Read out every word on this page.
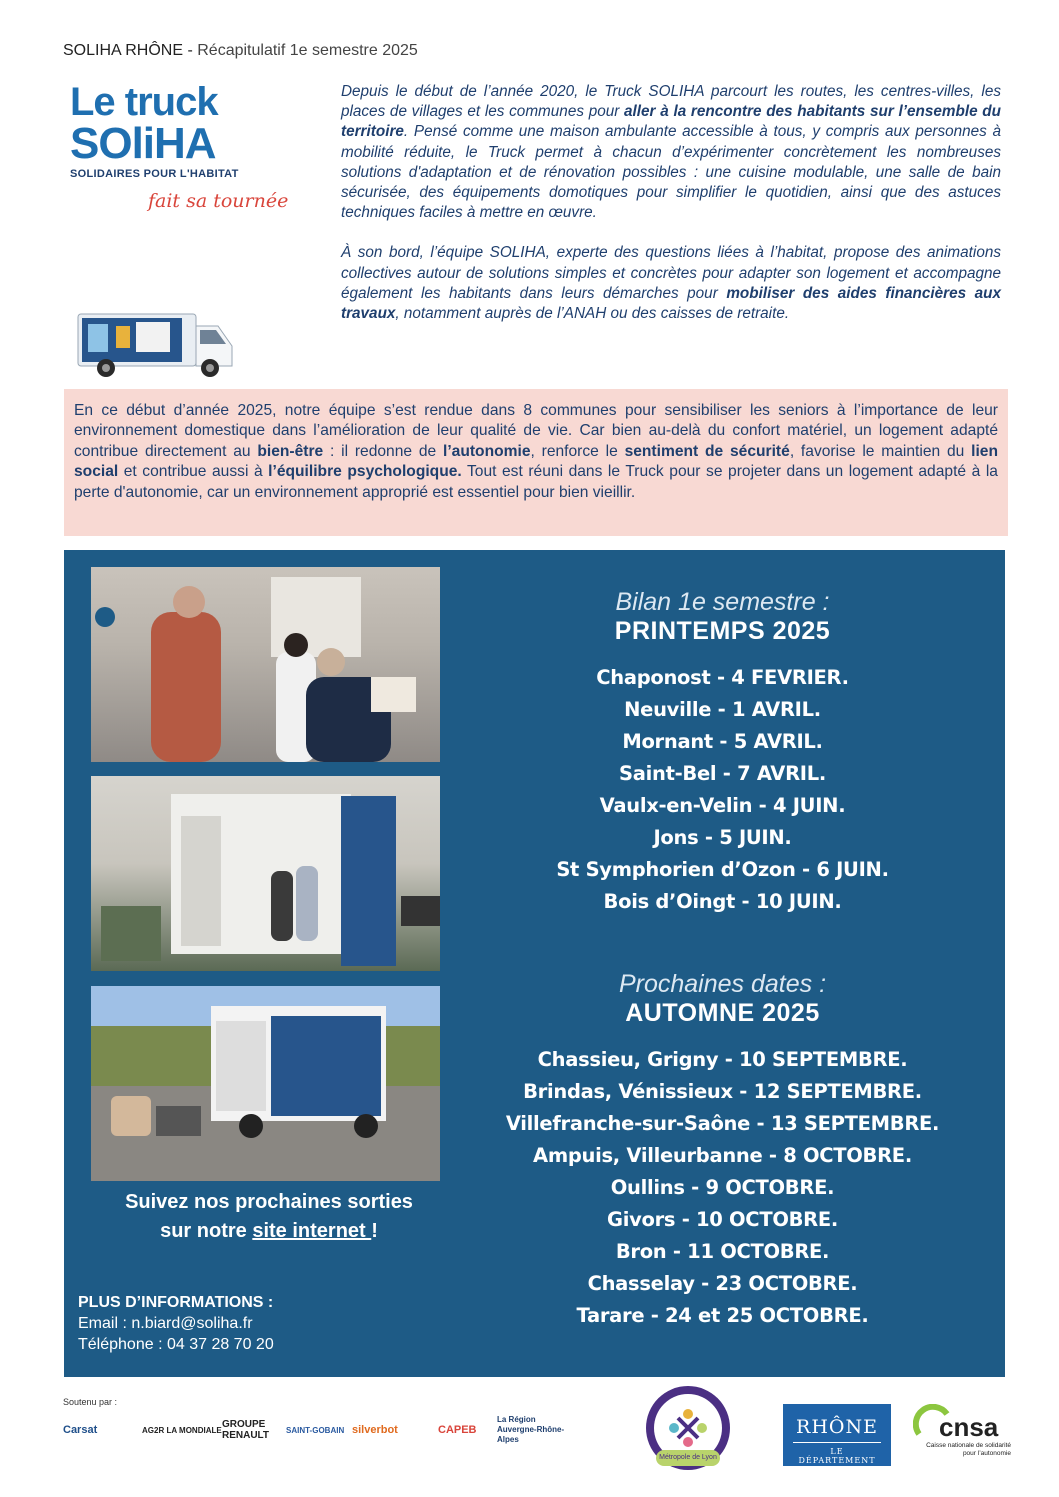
SOLIHA RHÔNE - Récapitulatif 1e semestre 2025
Le truck
SOliHA
SOLIDAIRES POUR L'HABITAT
fait sa tournée

Depuis le début de l’année 2020, le Truck SOLIHA parcourt les routes, les centres-villes, les places de villages et les communes pour aller à la rencontre des habitants sur l’ensemble du territoire. Pensé comme une maison ambulante accessible à tous, y compris aux personnes à mobilité réduite, le Truck permet à chacun d’expérimenter concrètement les nombreuses solutions d'adaptation et de rénovation possibles : une cuisine modulable, une salle de bain sécurisée, des équipements domotiques pour simplifier le quotidien, ainsi que des astuces techniques faciles à mettre en œuvre.

À son bord, l’équipe SOLIHA, experte des questions liées à l’habitat, propose des animations collectives autour de solutions simples et concrètes pour adapter son logement et accompagne également les habitants dans leurs démarches pour mobiliser des aides financières aux travaux, notamment auprès de l’ANAH ou des caisses de retraite.

En ce début d’année 2025, notre équipe s’est rendue dans 8 communes pour sensibiliser les seniors à l’importance de leur environnement domestique dans l’amélioration de leur qualité de vie. Car bien au-delà du confort matériel, un logement adapté contribue directement au bien-être : il redonne de l’autonomie, renforce le sentiment de sécurité, favorise le maintien du lien social et contribue aussi à l’équilibre psychologique. Tout est réuni dans le Truck pour se projeter dans un logement adapté à la perte d'autonomie, car un environnement approprié est essentiel pour bien vieillir.
Suivez nos prochaines sorties
sur notre site internet !
PLUS D’INFORMATIONS :
Email : n.biard@soliha.fr
Téléphone : 04 37 28 70 20
Bilan 1e semestre :
PRINTEMPS 2025
Chaponost - 4 FEVRIER.
Neuville - 1 AVRIL.
Mornant - 5 AVRIL.
Saint-Bel - 7 AVRIL.
Vaulx-en-Velin - 4 JUIN.
Jons - 5 JUIN.
St Symphorien d’Ozon - 6 JUIN.
Bois d’Oingt - 10 JUIN.
Prochaines dates :
AUTOMNE 2025
Chassieu, Grigny - 10 SEPTEMBRE.
Brindas, Vénissieux - 12 SEPTEMBRE.
Villefranche-sur-Saône - 13 SEPTEMBRE.
Ampuis, Villeurbanne - 8 OCTOBRE.
Oullins - 9 OCTOBRE.
Givors - 10 OCTOBRE.
Bron - 11 OCTOBRE.
Chasselay - 23 OCTOBRE.
Tarare - 24 et 25 OCTOBRE.
Soutenu par :
Carsat	AG2R LA MONDIALE GROUPE RENAULT	SAINT-GOBAIN silverbot	CAPEB
La Région Auvergne-Rhône-Alpes
Métropole de Lyon
RHÔNE
LE DÉPARTEMENT
cnsa
Caisse nationale de solidarité pour l’autonomie
